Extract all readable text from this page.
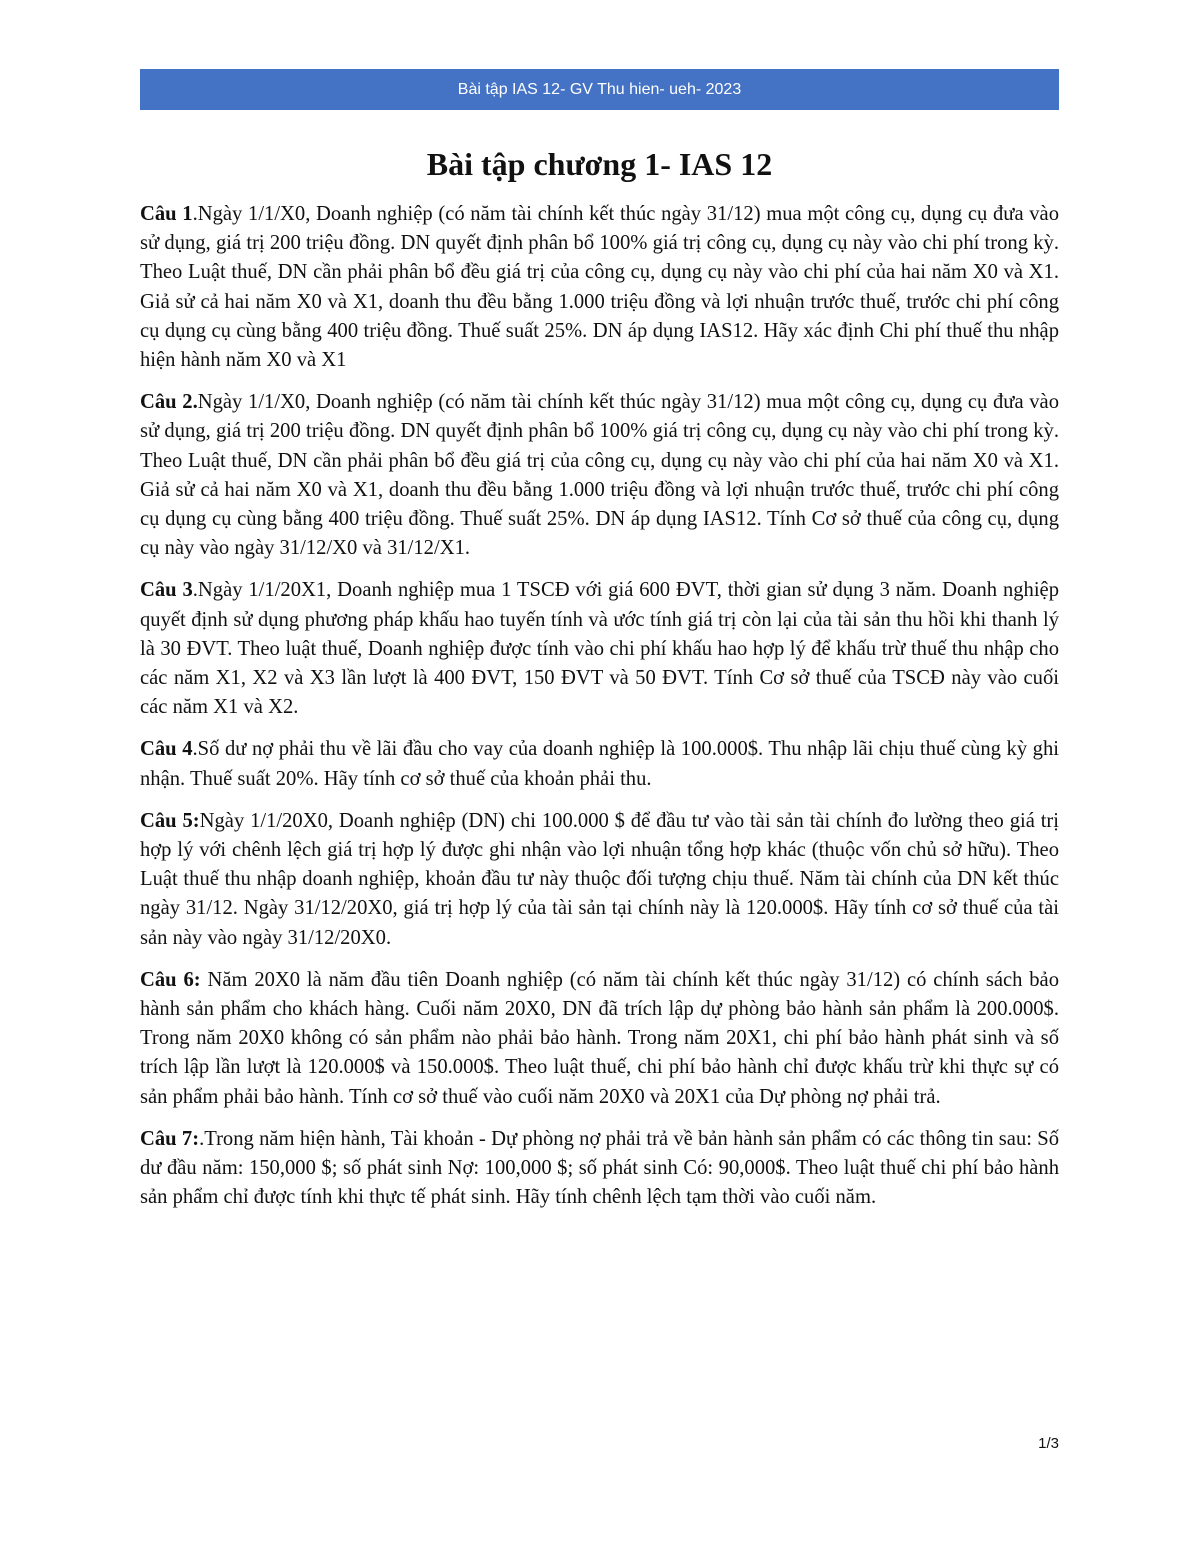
Bài tập IAS 12- GV Thu hien- ueh- 2023
Bài tập chương 1- IAS 12

Câu 1.Ngày 1/1/X0, Doanh nghiệp (có năm tài chính kết thúc ngày 31/12) mua một công cụ, dụng cụ đưa vào sử dụng, giá trị 200 triệu đồng. DN quyết định phân bổ 100% giá trị công cụ, dụng cụ này vào chi phí trong kỳ. Theo Luật thuế, DN cần phải phân bổ đều giá trị của công cụ, dụng cụ này vào chi phí của hai năm X0 và X1. Giả sử cả hai năm X0 và X1, doanh thu đều bằng 1.000 triệu đồng và lợi nhuận trước thuế, trước chi phí công cụ dụng cụ cùng bằng 400 triệu đồng. Thuế suất 25%. DN áp dụng IAS12. Hãy xác định Chi phí thuế thu nhập hiện hành năm X0 và X1

Câu 2.Ngày 1/1/X0, Doanh nghiệp (có năm tài chính kết thúc ngày 31/12) mua một công cụ, dụng cụ đưa vào sử dụng, giá trị 200 triệu đồng. DN quyết định phân bổ 100% giá trị công cụ, dụng cụ này vào chi phí trong kỳ. Theo Luật thuế, DN cần phải phân bổ đều giá trị của công cụ, dụng cụ này vào chi phí của hai năm X0 và X1. Giả sử cả hai năm X0 và X1, doanh thu đều bằng 1.000 triệu đồng và lợi nhuận trước thuế, trước chi phí công cụ dụng cụ cùng bằng 400 triệu đồng. Thuế suất 25%. DN áp dụng IAS12. Tính Cơ sở thuế của công cụ, dụng cụ này vào ngày 31/12/X0 và 31/12/X1.

Câu 3.Ngày 1/1/20X1, Doanh nghiệp mua 1 TSCĐ với giá 600 ĐVT, thời gian sử dụng 3 năm. Doanh nghiệp quyết định sử dụng phương pháp khấu hao tuyến tính và ước tính giá trị còn lại của tài sản thu hồi khi thanh lý là 30 ĐVT. Theo luật thuế, Doanh nghiệp được tính vào chi phí khấu hao hợp lý để khấu trừ thuế thu nhập cho các năm X1, X2 và X3 lần lượt là 400 ĐVT, 150 ĐVT và 50 ĐVT. Tính Cơ sở thuế của TSCĐ này vào cuối các năm X1 và X2.

Câu 4.Số dư nợ phải thu về lãi đầu cho vay của doanh nghiệp là 100.000$. Thu nhập lãi chịu thuế cùng kỳ ghi nhận. Thuế suất 20%. Hãy tính cơ sở thuế của khoản phải thu.

Câu 5:Ngày 1/1/20X0, Doanh nghiệp (DN) chi 100.000 $ để đầu tư vào tài sản tài chính đo lường theo giá trị hợp lý với chênh lệch giá trị hợp lý được ghi nhận vào lợi nhuận tổng hợp khác (thuộc vốn chủ sở hữu). Theo Luật thuế thu nhập doanh nghiệp, khoản đầu tư này thuộc đối tượng chịu thuế. Năm tài chính của DN kết thúc ngày 31/12. Ngày 31/12/20X0, giá trị hợp lý của tài sản tại chính này là 120.000$. Hãy tính cơ sở thuế của tài sản này vào ngày 31/12/20X0.

Câu 6: Năm 20X0 là năm đầu tiên Doanh nghiệp (có năm tài chính kết thúc ngày 31/12) có chính sách bảo hành sản phẩm cho khách hàng. Cuối năm 20X0, DN đã trích lập dự phòng bảo hành sản phẩm là 200.000$. Trong năm 20X0 không có sản phẩm nào phải bảo hành. Trong năm 20X1, chi phí bảo hành phát sinh và số trích lập lần lượt là 120.000$ và 150.000$. Theo luật thuế, chi phí bảo hành chỉ được khấu trừ khi thực sự có sản phẩm phải bảo hành. Tính cơ sở thuế vào cuối năm 20X0 và 20X1 của Dự phòng nợ phải trả.

Câu 7:.Trong năm hiện hành, Tài khoản - Dự phòng nợ phải trả về bản hành sản phẩm có các thông tin sau: Số dư đầu năm: 150,000 $; số phát sinh Nợ: 100,000 $; số phát sinh Có: 90,000$. Theo luật thuế chi phí bảo hành sản phẩm chỉ được tính khi thực tế phát sinh. Hãy tính chênh lệch tạm thời vào cuối năm.

1/3
